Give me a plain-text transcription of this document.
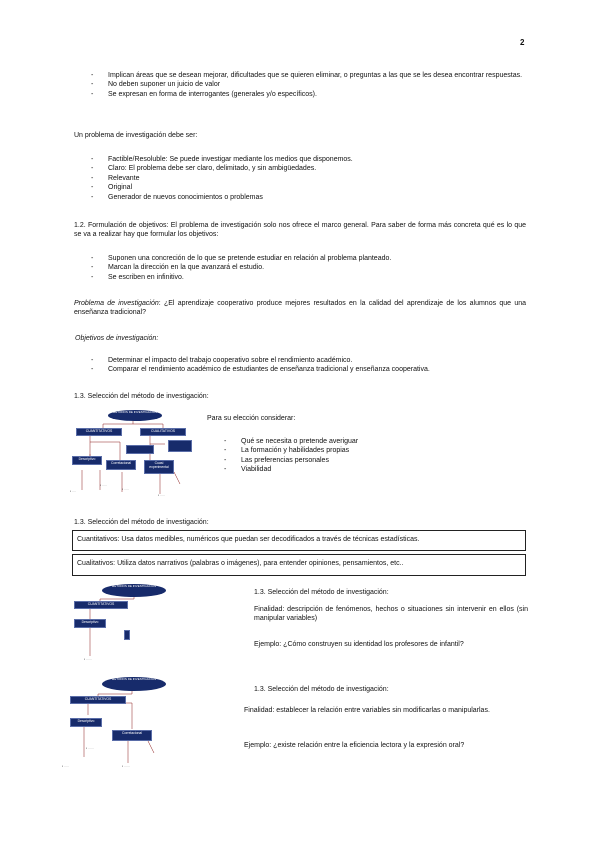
2
- Implican áreas que se desean mejorar, dificultades que se quieren eliminar, o preguntas a las que se les desea encontrar respuestas.
- No deben suponer un juicio de valor
- Se expresan en forma de interrogantes (generales y/o específicos).
Un problema de investigación debe ser:
- Factible/Resoluble: Se puede investigar mediante los medios que disponemos.
- Claro: El problema debe ser claro, delimitado, y sin ambigüedades.
- Relevante
- Original
- Generador de nuevos conocimientos o problemas
1.2. Formulación de objetivos: El problema de investigación solo nos ofrece el marco general. Para saber de forma más concreta qué es lo que se va a realizar hay que formular los objetivos:
- Suponen una concreción de lo que se pretende estudiar en relación al problema planteado.
- Marcan la dirección en la que avanzará el estudio.
- Se escriben en infinitivo.
Problema de investigación: ¿El aprendizaje cooperativo produce mejores resultados en la calidad del aprendizaje de los alumnos que una enseñanza tradicional?
Objetivos de investigación:
- Determinar el impacto del trabajo cooperativo sobre el rendimiento académico.
- Comparar el rendimiento académico de estudiantes de enseñanza tradicional y enseñanza cooperativa.
1.3. Selección del método de investigación:
MÉTODOS DE INVESTIGACIÓN
CUANTITATIVOS	CUALITATIVOS
Descriptivo
Correlacional	Cuasi experimental
▪ ····
▪ ·····
▪ ·····
▪ ·····
Para su elección considerar:
- Qué se necesita o pretende averiguar
- La formación y habilidades propias
- Las preferencias personales
- Viabilidad
1.3. Selección del método de investigación:
Cuantitativos: Usa datos medibles, numéricos que puedan ser decodificados a través de técnicas estadísticas.
Cualitativos: Utiliza datos narrativos (palabras o imágenes), para entender opiniones, pensamientos, etc..
MÉTODOS DE INVESTIGACIÓN
CUANTITATIVOS
Descriptivo
▪ ······
1.3. Selección del método de investigación:
Finalidad: descripción de fenómenos, hechos o situaciones sin intervenir en ellos (sin manipular variables)
Ejemplo: ¿Cómo construyen su identidad los profesores de infantil?
MÉTODOS DE INVESTIGACIÓN
CUANTITATIVOS
Descriptivo
Correlacional
▪ ······
▪ ·····	▪ ······
1.3. Selección del método de investigación:
Finalidad: establecer la relación entre variables sin modificarlas o manipularlas.
Ejemplo: ¿existe relación entre la eficiencia lectora y la expresión oral?
